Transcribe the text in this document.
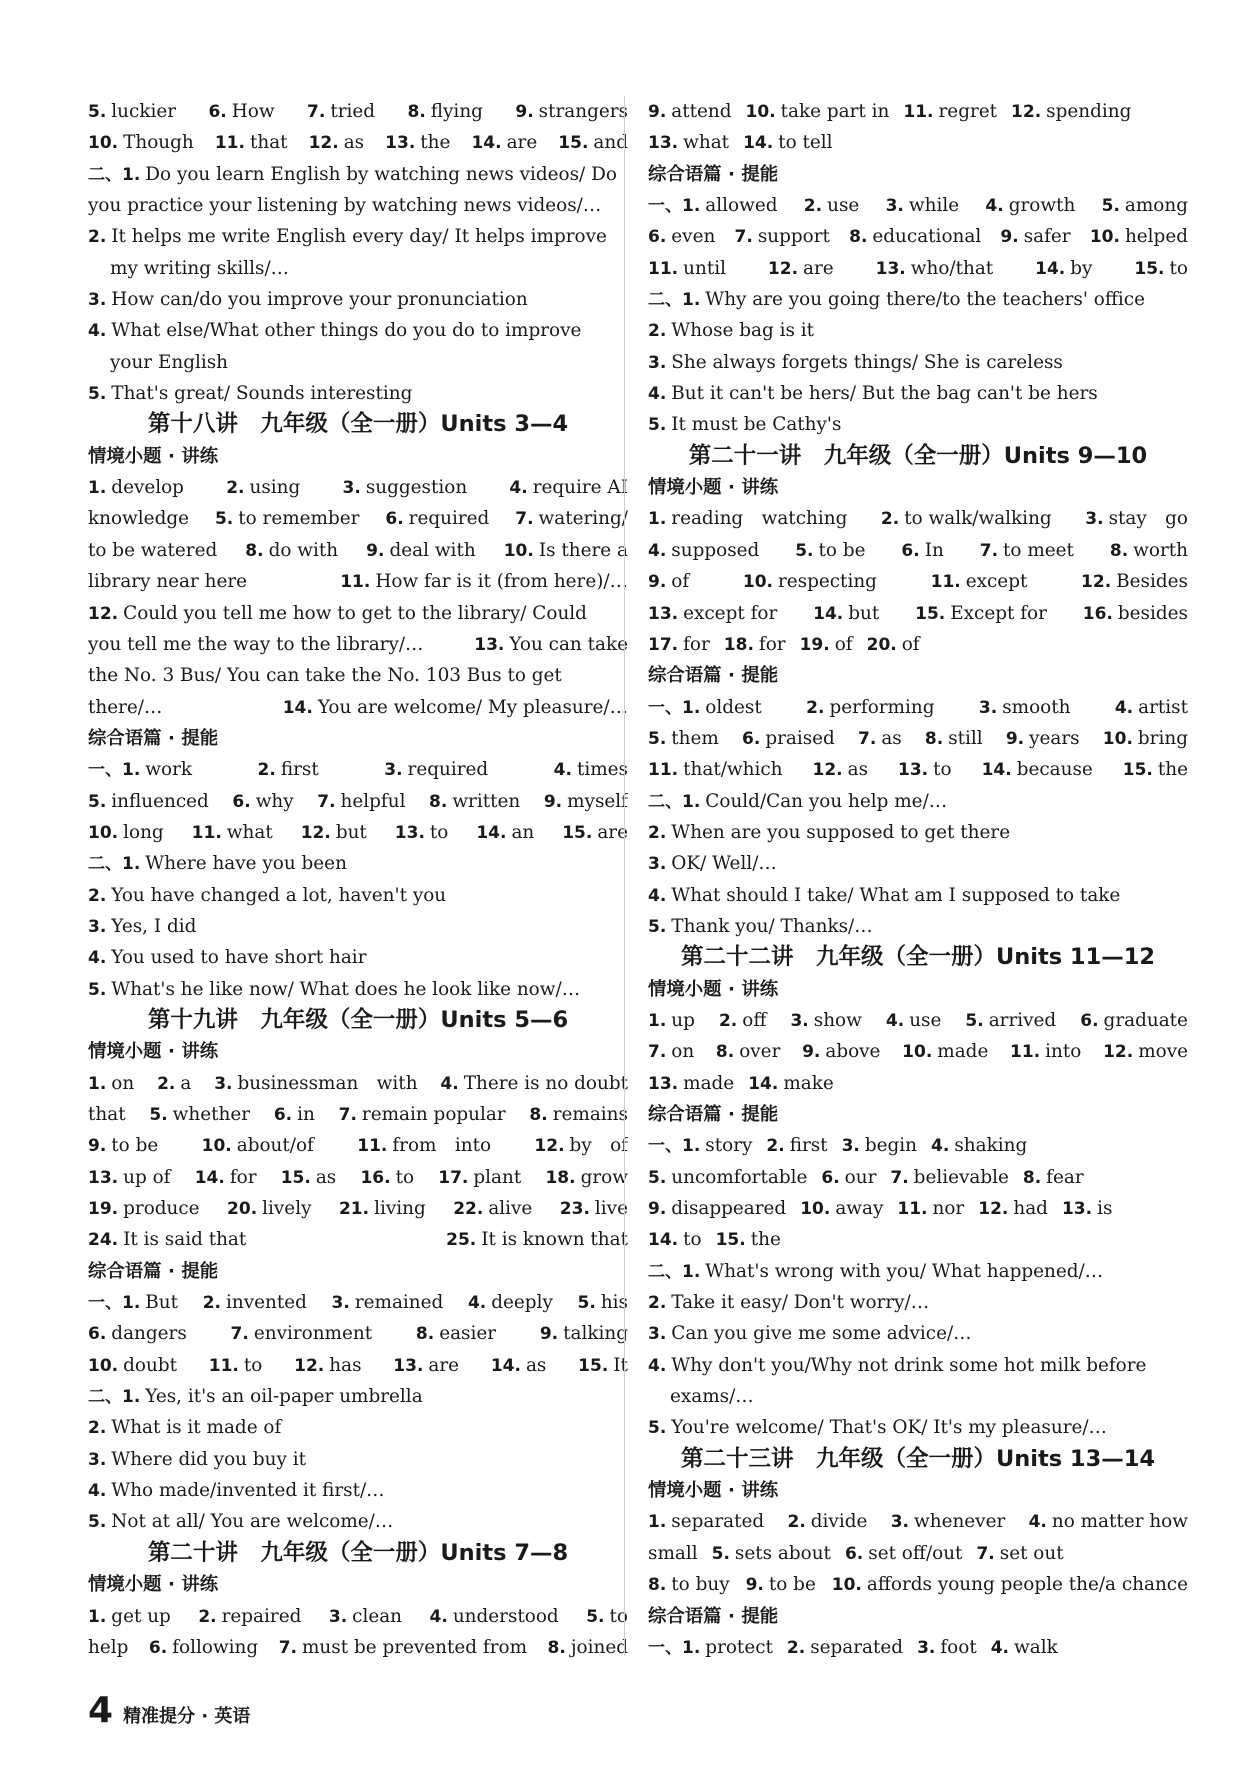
5. luckier 6. How 7. tried 8. flying 9. strangers
10. Though 11. that 12. as 13. the 14. are 15. and
二、1. Do you learn English by watching news videos/ Do
you practice your listening by watching news videos/…
2. It helps me write English every day/ It helps improve
my writing skills/…
3. How can/do you improve your pronunciation
4. What else/What other things do you do to improve
your English
5. That's great/ Sounds interesting
第十八讲　九年级（全一册）Units 3—4
情境小题 · 讲练
1. develop 2. using 3. suggestion 4. require AI
knowledge 5. to remember 6. required 7. watering/
to be watered 8. do with 9. deal with 10. Is there a
library near here	11. How far is it (from here)/…
12. Could you tell me how to get to the library/ Could
you tell me the way to the library/…	13. You can take
the No. 3 Bus/ You can take the No. 103 Bus to get
there/…	14. You are welcome/ My pleasure/…
综合语篇 · 提能
一、1. work	2. first	3. required	4. times
5. influenced 6. why 7. helpful 8. written 9. myself
10. long 11. what 12. but 13. to 14. an 15. are
二、1. Where have you been
2. You have changed a lot, haven't you
3. Yes, I did
4. You used to have short hair
5. What's he like now/ What does he look like now/…
第十九讲　九年级（全一册）Units 5—6
情境小题 · 讲练
1. on 2. a 3. businessman　with 4. There is no doubt
that 5. whether 6. in 7. remain popular 8. remains
9. to be	10. about/of	11. from　into	12. by　of
13. up of 14. for 15. as 16. to 17. plant 18. grow
19. produce 20. lively 21. living 22. alive 23. live
24. It is said that	25. It is known that
综合语篇 · 提能
一、1. But 2. invented 3. remained 4. deeply 5. his
6. dangers	7. environment	8. easier	9. talking
10. doubt 11. to 12. has 13. are 14. as 15. It
二、1. Yes, it's an oil-paper umbrella
2. What is it made of
3. Where did you buy it
4. Who made/invented it first/…
5. Not at all/ You are welcome/…
第二十讲　九年级（全一册）Units 7—8
情境小题 · 讲练
1. get up 2. repaired 3. clean 4. understood 5. to
help 6. following 7. must be prevented from 8. joined
9. attend 10. take part in 11. regret 12. spending
13. what 14. to tell
综合语篇 · 提能
一、1. allowed 2. use 3. while 4. growth 5. among
6. even 7. support 8. educational 9. safer 10. helped
11. until 12. are 13. who/that 14. by 15. to
二、1. Why are you going there/to the teachers' office
2. Whose bag is it
3. She always forgets things/ She is careless
4. But it can't be hers/ But the bag can't be hers
5. It must be Cathy's
第二十一讲　九年级（全一册）Units 9—10
情境小题 · 讲练
1. reading　watching 2. to walk/walking 3. stay　go
4. supposed 5. to be 6. In 7. to meet 8. worth
9. of	10. respecting	11. except	12. Besides
13. except for 14. but 15. Except for 16. besides
17. for 18. for 19. of 20. of
综合语篇 · 提能
一、1. oldest	2. performing	3. smooth	4. artist
5. them 6. praised 7. as 8. still 9. years 10. bring
11. that/which 12. as 13. to 14. because 15. the
二、1. Could/Can you help me/…
2. When are you supposed to get there
3. OK/ Well/…
4. What should I take/ What am I supposed to take
5. Thank you/ Thanks/…
第二十二讲　九年级（全一册）Units 11—12
情境小题 · 讲练
1. up 2. off 3. show 4. use 5. arrived 6. graduate
7. on 8. over 9. above 10. made 11. into 12. move
13. made 14. make
综合语篇 · 提能
一、1. story 2. first 3. begin 4. shaking
5. uncomfortable 6. our 7. believable 8. fear
9. disappeared 10. away 11. nor 12. had 13. is
14. to 15. the
二、1. What's wrong with you/ What happened/…
2. Take it easy/ Don't worry/…
3. Can you give me some advice/…
4. Why don't you/Why not drink some hot milk before
exams/…
5. You're welcome/ That's OK/ It's my pleasure/…
第二十三讲　九年级（全一册）Units 13—14
情境小题 · 讲练
1. separated 2. divide 3. whenever 4. no matter how
small 5. sets about 6. set off/out 7. set out
8. to buy 9. to be 10. affords young people the/a chance
综合语篇 · 提能
一、1. protect 2. separated 3. foot 4. walk
4 精准提分 · 英语
